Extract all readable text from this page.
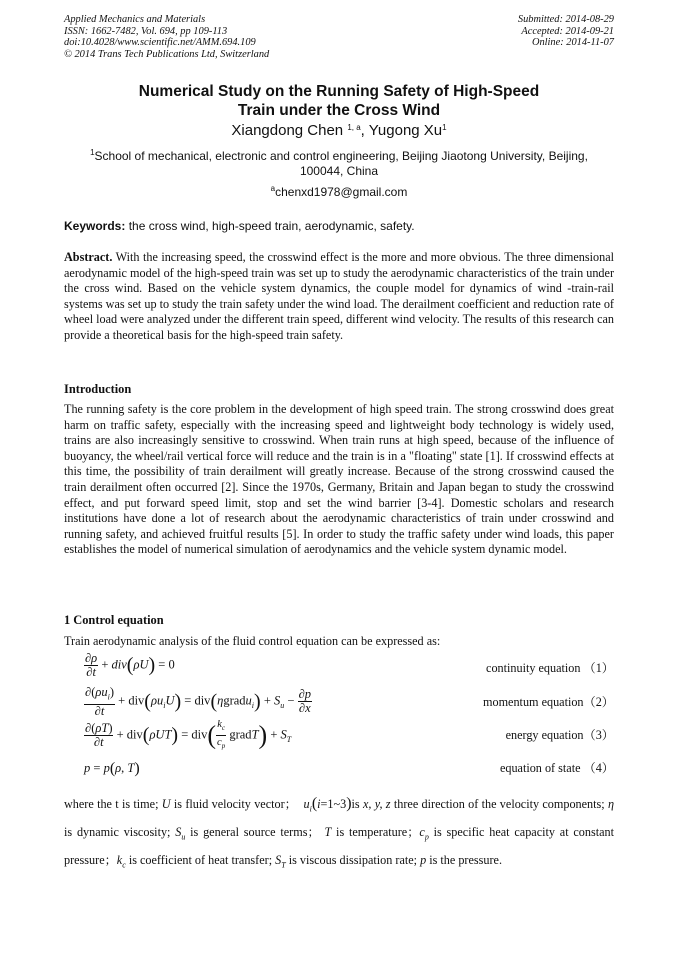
Applied Mechanics and Materials
ISSN: 1662-7482, Vol. 694, pp 109-113
doi:10.4028/www.scientific.net/AMM.694.109
© 2014 Trans Tech Publications Ltd, Switzerland
Submitted: 2014-08-29
Accepted: 2014-09-21
Online: 2014-11-07
Numerical Study on the Running Safety of High-Speed
Train under the Cross Wind
Xiangdong Chen $^{1, a}$, Yugong Xu$^1$
$^1$School of mechanical, electronic and control engineering, Beijing Jiaotong University, Beijing, 100044, China
$^a$chenxd1978@gmail.com
Keywords: the cross wind, high-speed train, aerodynamic, safety.
Abstract. With the increasing speed, the crosswind effect is the more and more obvious. The three dimensional aerodynamic model of the high-speed train was set up to study the aerodynamic characteristics of the train under the cross wind. Based on the vehicle system dynamics, the couple model for dynamics of wind -train-rail systems was set up to study the train safety under the wind load. The derailment coefficient and reduction rate of wheel load were analyzed under the different train speed, different wind velocity. The results of this research can provide a theoretical basis for the high-speed train safety.
Introduction
The running safety is the core problem in the development of high speed train. The strong crosswind does great harm on traffic safety, especially with the increasing speed and lightweight body technology is widely used, trains are also increasingly sensitive to crosswind. When train runs at high speed, because of the influence of buoyancy, the wheel/rail vertical force will reduce and the train is in a "floating" state [1]. If crosswind effects at this time, the possibility of train derailment will greatly increase. Because of the strong crosswind caused the train derailment often occurred [2]. Since the 1970s, Germany, Britain and Japan began to study the crosswind effect, and put forward speed limit, stop and set the wind barrier [3-4]. Domestic scholars and research institutions have done a lot of research about the aerodynamic characteristics of train under crosswind and running safety, and achieved fruitful results [5]. In order to study the traffic safety under wind loads, this paper establishes the model of numerical simulation of aerodynamics and the vehicle system dynamic model.
1 Control equation
Train aerodynamic analysis of the fluid control equation can be expressed as:
$\frac{\partial\rho}{\partial t} + div(\rho U) = 0$	continuity equation （1）
$\frac{\partial(\rho u_i)}{\partial t} + div(\rho u_iU)$ = div(ηgradu$_i$) + $S_u - \frac{\partial p}{\partial x}$	momentum equation（2）
$\frac{\partial(\rho T)}{\partial t} + div(\rho UT) = div( \frac{k_c}{c_p}$ gradT) + $S_T$	energy equation（3）
p = p(ρ, T)	equation of state （4）
where the t is time; U is fluid velocity vector； $u_i(i=1\sim 3)is$ x, y, z three direction of the velocity components; η is dynamic viscosity; $S_u$ is general source terms； T is temperature；$c_p$ is specific heat capacity at constant pressure；$k_c$ is coefficient of heat transfer; $S_T$ is viscous dissipation rate; p is the pressure.
